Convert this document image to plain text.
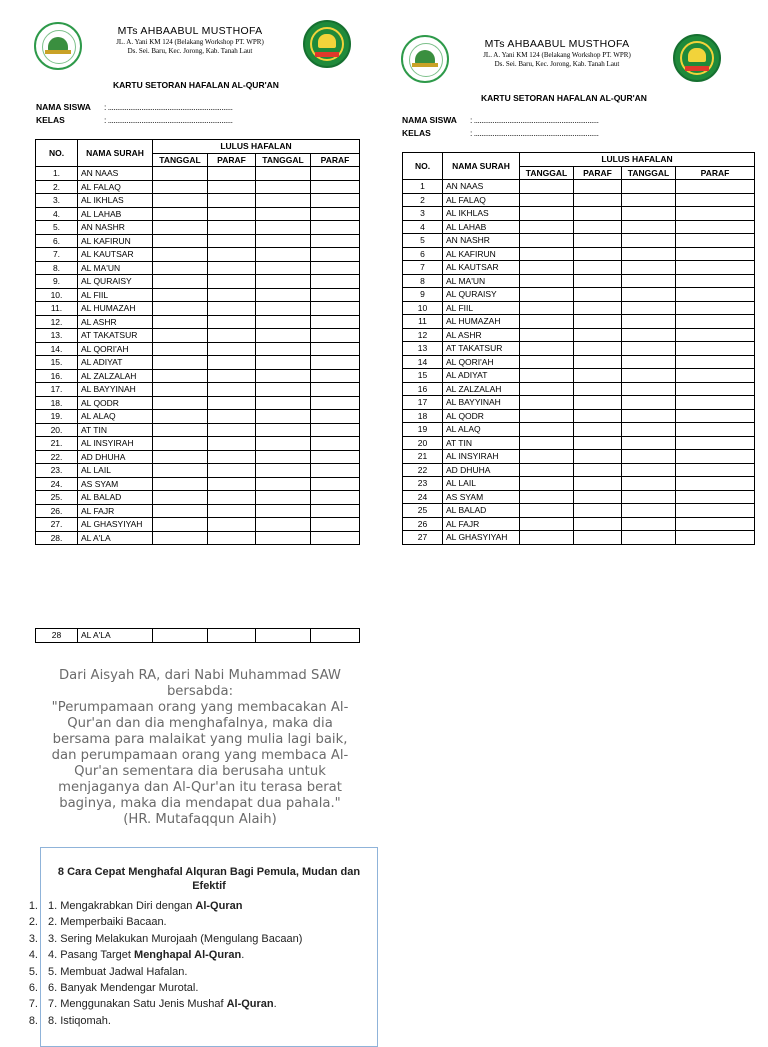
MTs AHBAABUL MUSTHOFA
JL. A. Yani KM 124 (Belakang Workshop PT. WPR)
Ds. Sei. Baru, Kec. Jorong, Kab. Tanah Laut
KARTU SETORAN HAFALAN AL-QUR'AN
NAMA SISWA : ...................................................................
KELAS	: ...................................................................
NO.	NAMA SURAH	LULUS HAFALAN			
		TANGGAL	PARAF	TANGGAL	PARAF
1.	AN NAAS				
2.	AL FALAQ				
3.	AL IKHLAS				
4.	AL LAHAB				
5.	AN NASHR				
6.	AL KAFIRUN				
7.	AL KAUTSAR				
8.	AL MA'UN				
9.	AL QURAISY				
10.	AL FIIL				
11.	AL HUMAZAH				
12.	AL ASHR				
13.	AT TAKATSUR				
14.	AL QORI'AH				
15.	AL ADIYAT				
16.	AL ZALZALAH				
17.	AL BAYYINAH				
18.	AL QODR				
19.	AL ALAQ				
20.	AT TIN				
21.	AL INSYIRAH				
22.	AD DHUHA				
23.	AL LAIL				
24.	AS SYAM				
25.	AL BALAD				
26.	AL FAJR				
27.	AL GHASYIYAH				
28.	AL A'LA				
MTs AHBAABUL MUSTHOFA
JL. A. Yani KM 124 (Belakang Workshop PT. WPR)
Ds. Sei. Baru, Kec. Jorong, Kab. Tanah Laut
KARTU SETORAN HAFALAN AL-QUR'AN
NAMA SISWA : ...................................................................
KELAS	: ...................................................................
NO.	NAMA SURAH	LULUS HAFALAN			
		TANGGAL	PARAF	TANGGAL	PARAF
1	AN NAAS				
2	AL FALAQ				
3	AL IKHLAS				
4	AL LAHAB				
5	AN NASHR				
6	AL KAFIRUN				
7	AL KAUTSAR				
8	AL MA'UN				
9	AL QURAISY				
10	AL FIIL				
11	AL HUMAZAH				
12	AL ASHR				
13	AT TAKATSUR				
14	AL QORI'AH				
15	AL ADIYAT				
16	AL ZALZALAH				
17	AL BAYYINAH				
18	AL QODR				
19	AL ALAQ				
20	AT TIN				
21	AL INSYIRAH				
22	AD DHUHA				
23	AL LAIL				
24	AS SYAM				
25	AL BALAD				
26	AL FAJR				
27	AL GHASYIYAH				
28	AL A'LA				
Dari Aisyah RA, dari Nabi Muhammad SAW bersabda:
"Perumpamaan orang yang membacakan Al-Qur'an dan dia menghafalnya, maka dia bersama para malaikat yang mulia lagi baik, dan perumpamaan orang yang membaca Al-Qur'an sementara dia berusaha untuk menjaganya dan Al-Qur'an itu terasa berat baginya, maka dia mendapat dua pahala."
(HR. Mutafaqqun Alaih)
8 Cara Cepat Menghafal Alquran Bagi Pemula, Mudan dan Efektif
1. 1. Mengakrabkan Diri dengan Al-Quran
2. 2. Memperbaiki Bacaan.
3. 3. Sering Melakukan Murojaah (Mengulang Bacaan)
4. 4. Pasang Target Menghapal Al-Quran.
5. 5. Membuat Jadwal Hafalan.
6. 6. Banyak Mendengar Murotal.
7. 7. Menggunakan Satu Jenis Mushaf Al-Quran.
8. 8. Istiqomah.
